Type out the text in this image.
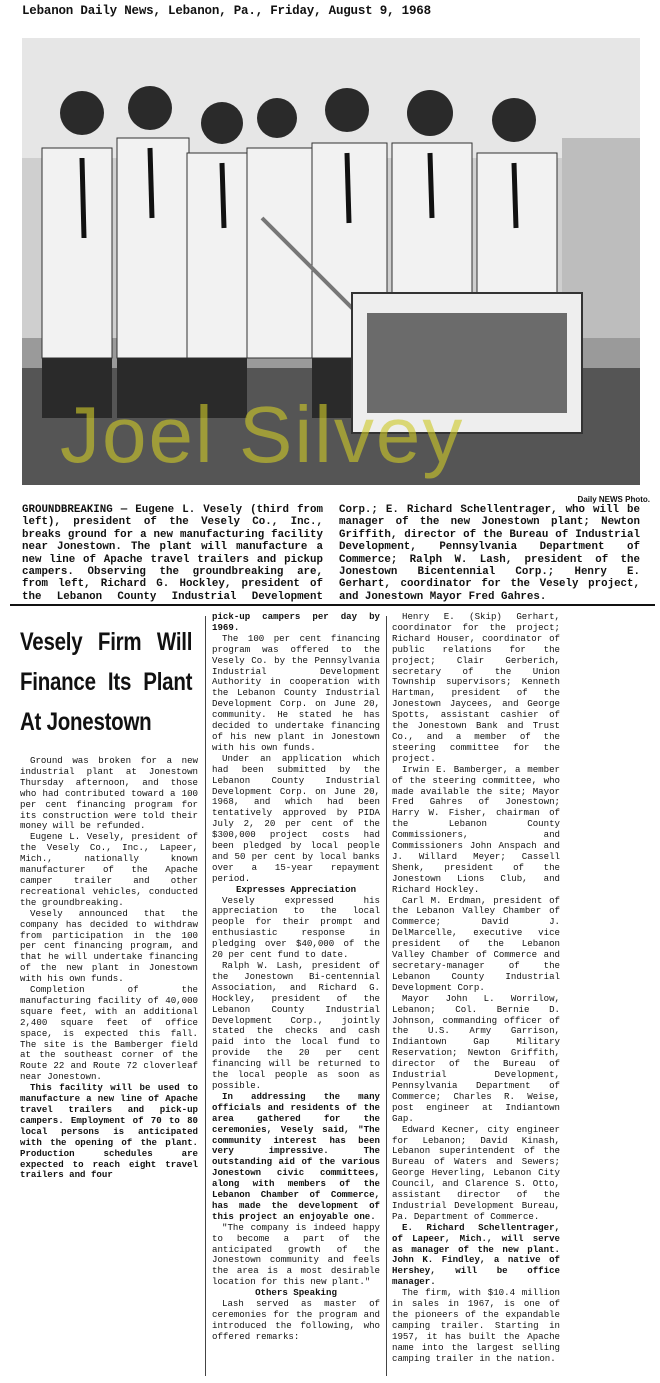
Lebanon Daily News, Lebanon, Pa., Friday, August 9, 1968
Joel Silvey
Daily NEWS Photo.
GROUNDBREAKING — Eugene L. Vesely (third from left), president of the Vesely Co., Inc., breaks ground for a new manufacturing facility near Jonestown. The plant will manufacture a new line of Apache travel trailers and pickup campers. Observing the groundbreaking are, from left, Richard G. Hockley, president of the Lebanon County Industrial Development Corp.; E. Richard Schellentrager, who will be manager of the new Jonestown plant; Newton Griffith, director of the Bureau of Industrial Development, Pennsylvania Department of Commerce; Ralph W. Lash, president of the Jonestown Bicentennial Corp.; Henry E. Gerhart, coordinator for the Vesely project, and Jonestown Mayor Fred Gahres.
Vesely Firm Will Finance Its Plant At Jonestown

Ground was broken for a new industrial plant at Jonestown Thursday afternoon, and those who had contributed toward a 100 per cent financing program for its construction were told their money will be refunded.

Eugene L. Vesely, president of the Vesely Co., Inc., Lapeer, Mich., nationally known manufacturer of the Apache camper trailer and other recreational vehicles, conducted the groundbreaking.

Vesely announced that the company has decided to withdraw from participation in the 100 per cent financing program, and that he will undertake financing of the new plant in Jonestown with his own funds.

Completion of the manufacturing facility of 40,000 square feet, with an additional 2,400 square feet of office space, is expected this fall. The site is the Bamberger field at the southeast corner of the Route 22 and Route 72 cloverleaf near Jonestown.

This facility will be used to manufacture a new line of Apache travel trailers and pick-up campers. Employment of 70 to 80 local persons is anticipated with the opening of the plant. Production schedules are expected to reach eight travel trailers and four

pick-up campers per day by 1969.

The 100 per cent financing program was offered to the Vesely Co. by the Pennsylvania Industrial Development Authority in cooperation with the Lebanon County Industrial Development Corp. on June 20, community. He stated he has decided to undertake financing of his new plant in Jonestown with his own funds.

Under an application which had been submitted by the Lebanon County Industrial Development Corp. on June 20, 1968, and which had been tentatively approved by PIDA July 2, 20 per cent of the $300,000 project costs had been pledged by local people and 50 per cent by local banks over a 15-year repayment period.

Expresses Appreciation

Vesely expressed his appreciation to the local people for their prompt and enthusiastic response in pledging over $40,000 of the 20 per cent fund to date.

Ralph W. Lash, president of the Jonestown Bi-centennial Association, and Richard G. Hockley, president of the Lebanon County Industrial Development Corp., jointly stated the checks and cash paid into the local fund to provide the 20 per cent financing will be returned to the local people as soon as possible.

In addressing the many officials and residents of the area gathered for the ceremonies, Vesely said, "The community interest has been very impressive. The outstanding aid of the various Jonestown civic committees, along with members of the Lebanon Chamber of Commerce, has made the development of this project an enjoyable one.

"The company is indeed happy to become a part of the anticipated growth of the Jonestown community and feels the area is a most desirable location for this new plant."

Others Speaking

Lash served as master of ceremonies for the program and introduced the following, who offered remarks:

Henry E. (Skip) Gerhart, coordinator for the project; Richard Houser, coordinator of public relations for the project; Clair Gerberich, secretary of the Union Township supervisors; Kenneth Hartman, president of the Jonestown Jaycees, and George Spotts, assistant cashier of the Jonestown Bank and Trust Co., and a member of the steering committee for the project.

Irwin E. Bamberger, a member of the steering committee, who made available the site; Mayor Fred Gahres of Jonestown; Harry W. Fisher, chairman of the Lebanon County Commissioners, and Commissioners John Anspach and J. Willard Meyer; Cassell Shenk, president of the Jonestown Lions Club, and Richard Hockley.

Carl M. Erdman, president of the Lebanon Valley Chamber of Commerce; David J. DelMarcelle, executive vice president of the Lebanon Valley Chamber of Commerce and secretary-manager of the Lebanon County Industrial Development Corp.

Mayor John L. Worrilow, Lebanon; Col. Bernie D. Johnson, commanding officer of the U.S. Army Garrison, Indiantown Gap Military Reservation; Newton Griffith, director of the Bureau of Industrial Development, Pennsylvania Department of Commerce; Charles R. Weise, post engineer at Indiantown Gap.

Edward Kecner, city engineer for Lebanon; David Kinash, Lebanon superintendent of the Bureau of Waters and Sewers; George Heverling, Lebanon City Council, and Clarence S. Otto, assistant director of the Industrial Development Bureau, Pa. Department of Commerce.

E. Richard Schellentrager, of Lapeer, Mich., will serve as manager of the new plant. John K. Findley, a native of Hershey, will be office manager.

The firm, with $10.4 million in sales in 1967, is one of the pioneers of the expandable camping trailer. Starting in 1957, it has built the Apache name into the largest selling camping trailer in the nation.
